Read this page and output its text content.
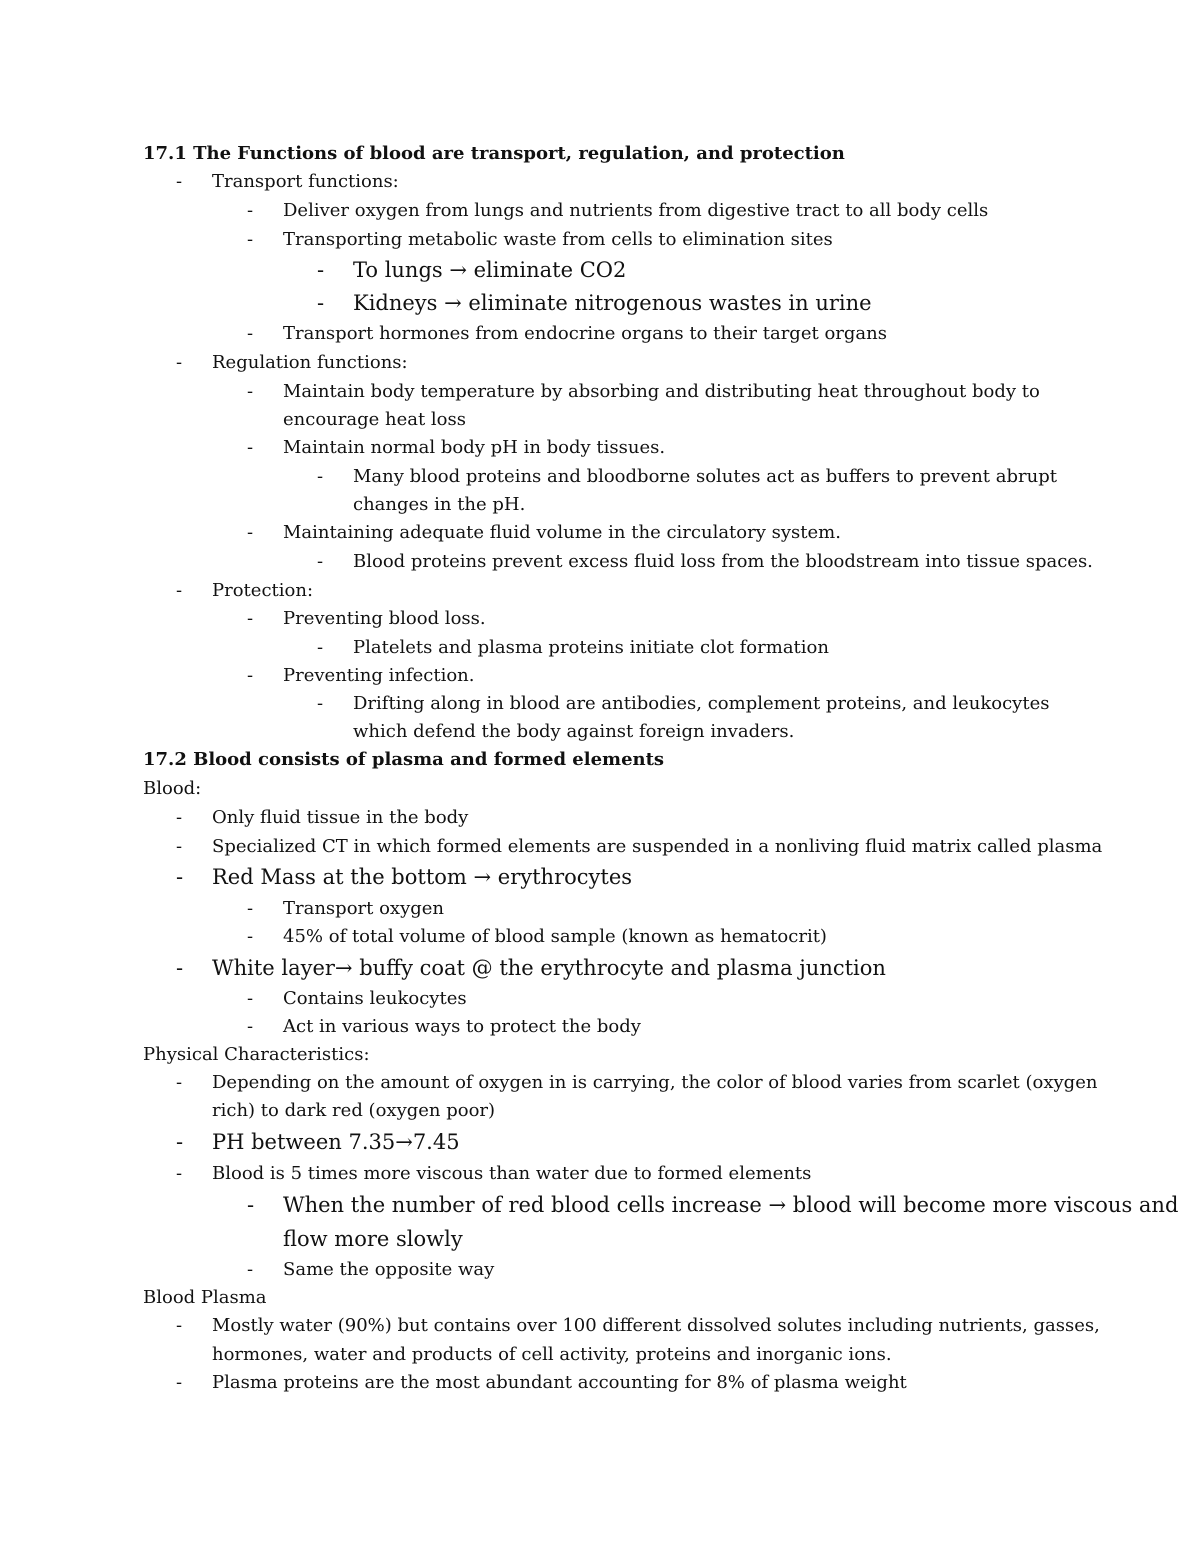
17.1 The Functions of blood are transport, regulation, and protection
- Transport functions:
- Deliver oxygen from lungs and nutrients from digestive tract to all body cells
- Transporting metabolic waste from cells to elimination sites
- To lungs → eliminate CO2
- Kidneys → eliminate nitrogenous wastes in urine
- Transport hormones from endocrine organs to their target organs
- Regulation functions:
- Maintain body temperature by absorbing and distributing heat throughout body to
encourage heat loss
- Maintain normal body pH in body tissues.
- Many blood proteins and bloodborne solutes act as buffers to prevent abrupt
changes in the pH.
- Maintaining adequate fluid volume in the circulatory system.
- Blood proteins prevent excess fluid loss from the bloodstream into tissue spaces.
- Protection:
- Preventing blood loss.
- Platelets and plasma proteins initiate clot formation
- Preventing infection.
- Drifting along in blood are antibodies, complement proteins, and leukocytes
which defend the body against foreign invaders.
17.2 Blood consists of plasma and formed elements
Blood:
- Only fluid tissue in the body
- Specialized CT in which formed elements are suspended in a nonliving fluid matrix called plasma
- Red Mass at the bottom → erythrocytes
- Transport oxygen
- 45% of total volume of blood sample (known as hematocrit)
- White layer→ buffy coat @ the erythrocyte and plasma junction
- Contains leukocytes
- Act in various ways to protect the body
Physical Characteristics:
- Depending on the amount of oxygen in is carrying, the color of blood varies from scarlet (oxygen
rich) to dark red (oxygen poor)
- PH between 7.35→7.45
- Blood is 5 times more viscous than water due to formed elements
- When the number of red blood cells increase → blood will become more viscous and
flow more slowly
- Same the opposite way
Blood Plasma
- Mostly water (90%) but contains over 100 different dissolved solutes including nutrients, gasses,
hormones, water and products of cell activity, proteins and inorganic ions.
- Plasma proteins are the most abundant accounting for 8% of plasma weight
